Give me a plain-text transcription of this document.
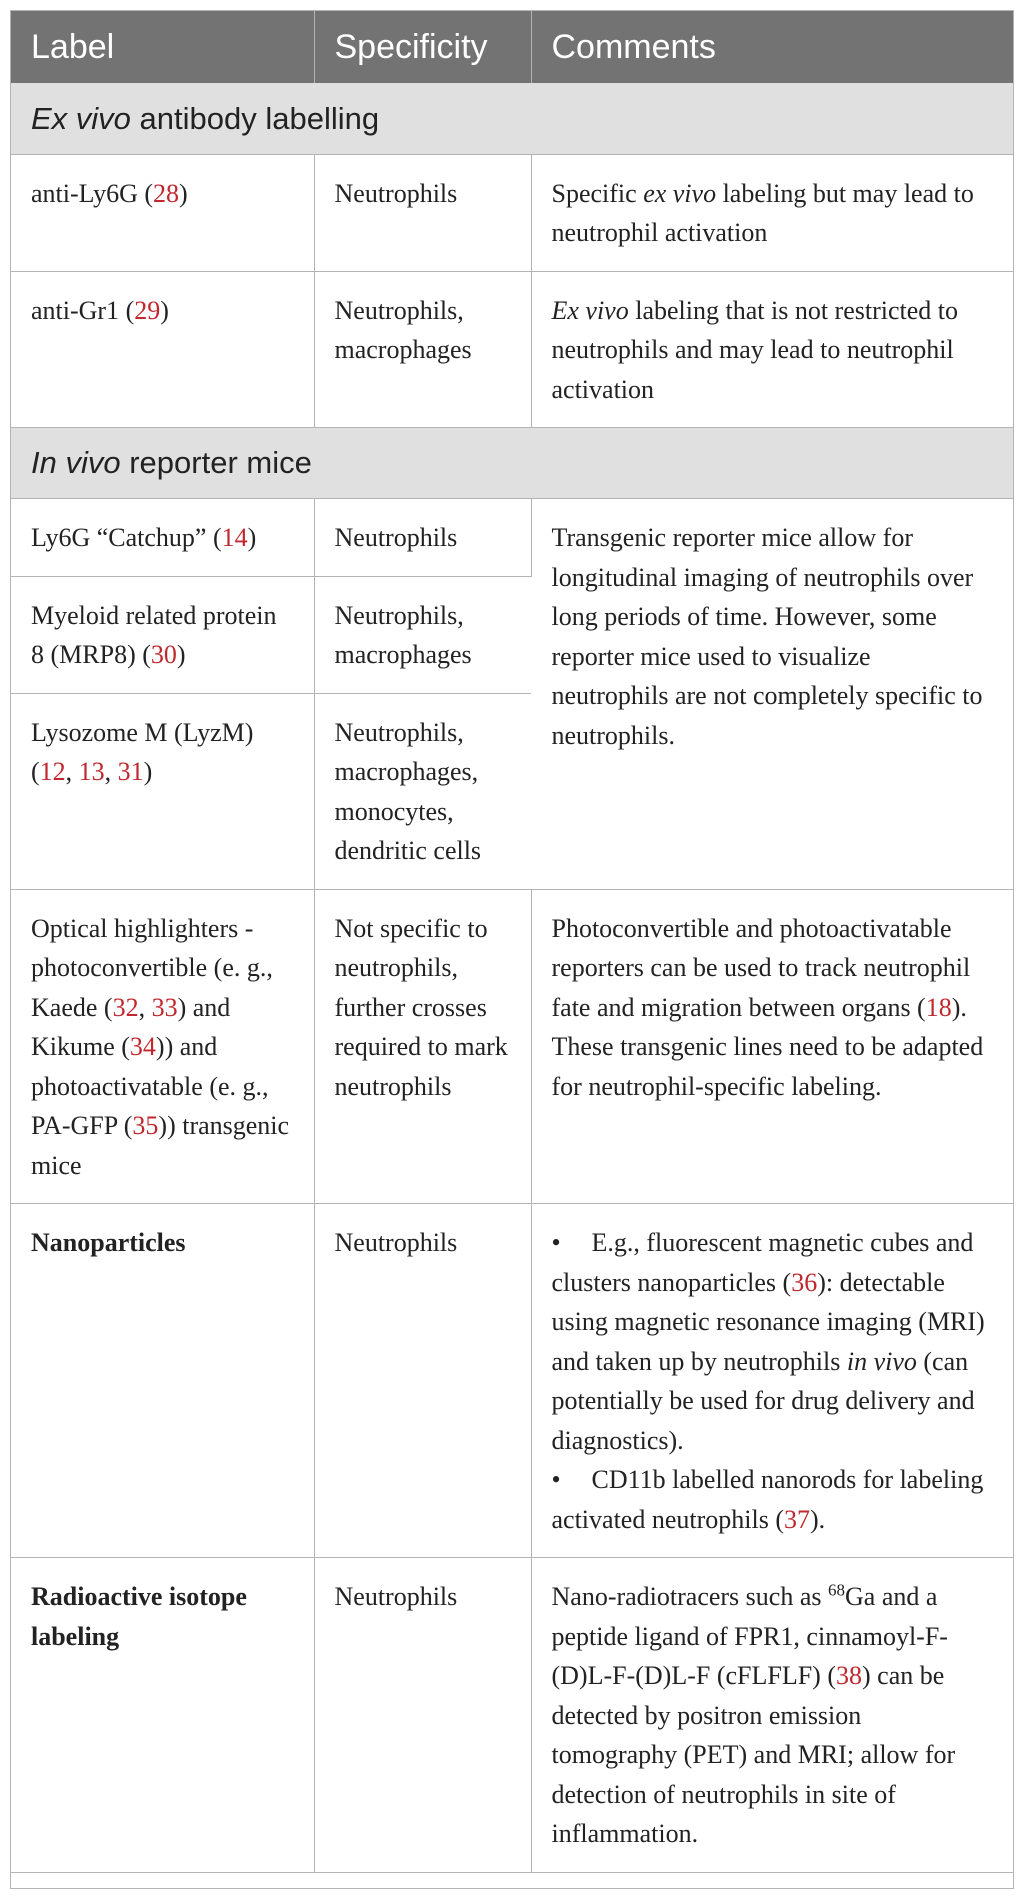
Label	Specificity	Comments
Ex vivo antibody labelling		
anti-Ly6G (28)	Neutrophils	Specific ex vivo labeling but may lead to neutrophil activation
anti-Gr1 (29)	Neutrophils, macrophages	Ex vivo labeling that is not restricted to neutrophils and may lead to neutrophil activation
In vivo reporter mice		
Ly6G “Catchup” (14)	Neutrophils	Transgenic reporter mice allow for longitudinal imaging of neutrophils over long periods of time. However, some reporter mice used to visualize neutrophils are not completely specific to neutrophils.
Myeloid related protein 8 (MRP8) (30)	Neutrophils, macrophages	
Lysozome M (LyzM) (12, 13, 31)	Neutrophils, macrophages, monocytes, dendritic cells	
Optical highlighters - photoconvertible (e. g., Kaede (32, 33) and Kikume (34)) and photoactivatable (e. g., PA-GFP (35)) transgenic mice	Not specific to neutrophils, further crosses required to mark neutrophils	Photoconvertible and photoactivatable reporters can be used to track neutrophil fate and migration between organs (18). These transgenic lines need to be adapted for neutrophil-specific labeling.
Nanoparticles	Neutrophils	• E.g., fluorescent magnetic cubes and clusters nanoparticles (36): detectable using magnetic resonance imaging (MRI) and taken up by neutrophils in vivo (can potentially be used for drug delivery and diagnostics).
• CD11b labelled nanorods for labeling activated neutrophils (37).

Radioactive isotope labeling	Neutrophils	Nano-radiotracers such as $^{68}$Ga and a peptide ligand of FPR1, cinnamoyl-F-(D)L-F-(D)L-F (cFLFLF) (38) can be detected by positron emission tomography (PET) and MRI; allow for detection of neutrophils in site of inflammation.
